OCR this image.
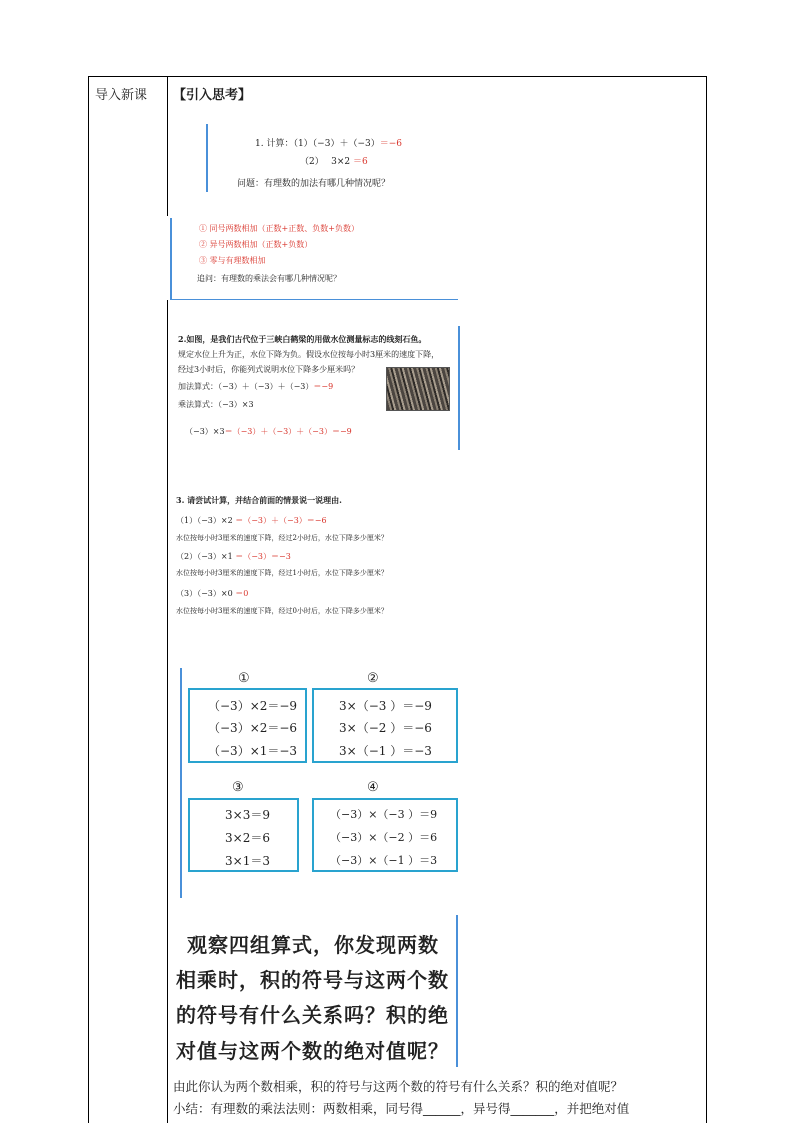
导入新课 【引入思考】
1. 计算：（1）（−3）＋（−3）＝−6
（2）　 3×2 ＝6
问题：有理数的加法有哪几种情况呢？
① 同号两数相加（正数+正数、负数+负数）
② 异号两数相加（正数+负数）
③ 零与有理数相加
追问：有理数的乘法会有哪几种情况呢？
2.如图，是我们古代位于三峡白鹤梁的用做水位测量标志的线刻石鱼。
规定水位上升为正，水位下降为负。假设水位按每小时3厘米的速度下降，
经过3小时后，你能列式说明水位下降多少厘米吗？
加法算式：（−3）＋（−3）＋（−3）＝−9
乘法算式：（−3）×3
（−3）×3＝（−3）＋（−3）＋（−3）＝−9
3. 请尝试计算，并结合前面的情景说一说理由.
（1）（−3）×2 ＝（−3）＋（−3）＝−6
水位按每小时3厘米的速度下降，经过2小时后，水位下降多少厘米？
（2）（−3）×1 ＝（−3）＝−3
水位按每小时3厘米的速度下降，经过1小时后，水位下降多少厘米？
（3）（−3）×0 ＝0
水位按每小时3厘米的速度下降，经过0小时后，水位下降多少厘米？
①
（−3）×2＝−9
（−3）×2＝−6
（−3）×1＝−3
②
3×（−3 ）＝−9
3×（−2 ）＝−6
3×（−1 ）＝−3
③
3×3＝9
3×2＝6
3×1＝3
④
（−3）×（−3 ）＝9
（−3）×（−2 ）＝6
（−3）×（−1 ）＝3
观察四组算式，你发现两数
相乘时，积的符号与这两个数
的符号有什么关系吗？积的绝
对值与这两个数的绝对值呢？
由此你认为两个数相乘，积的符号与这两个数的符号有什么关系？积的绝对值呢？
小结：有理数的乘法法则：两数相乘，同号得______，异号得_______，并把绝对值
